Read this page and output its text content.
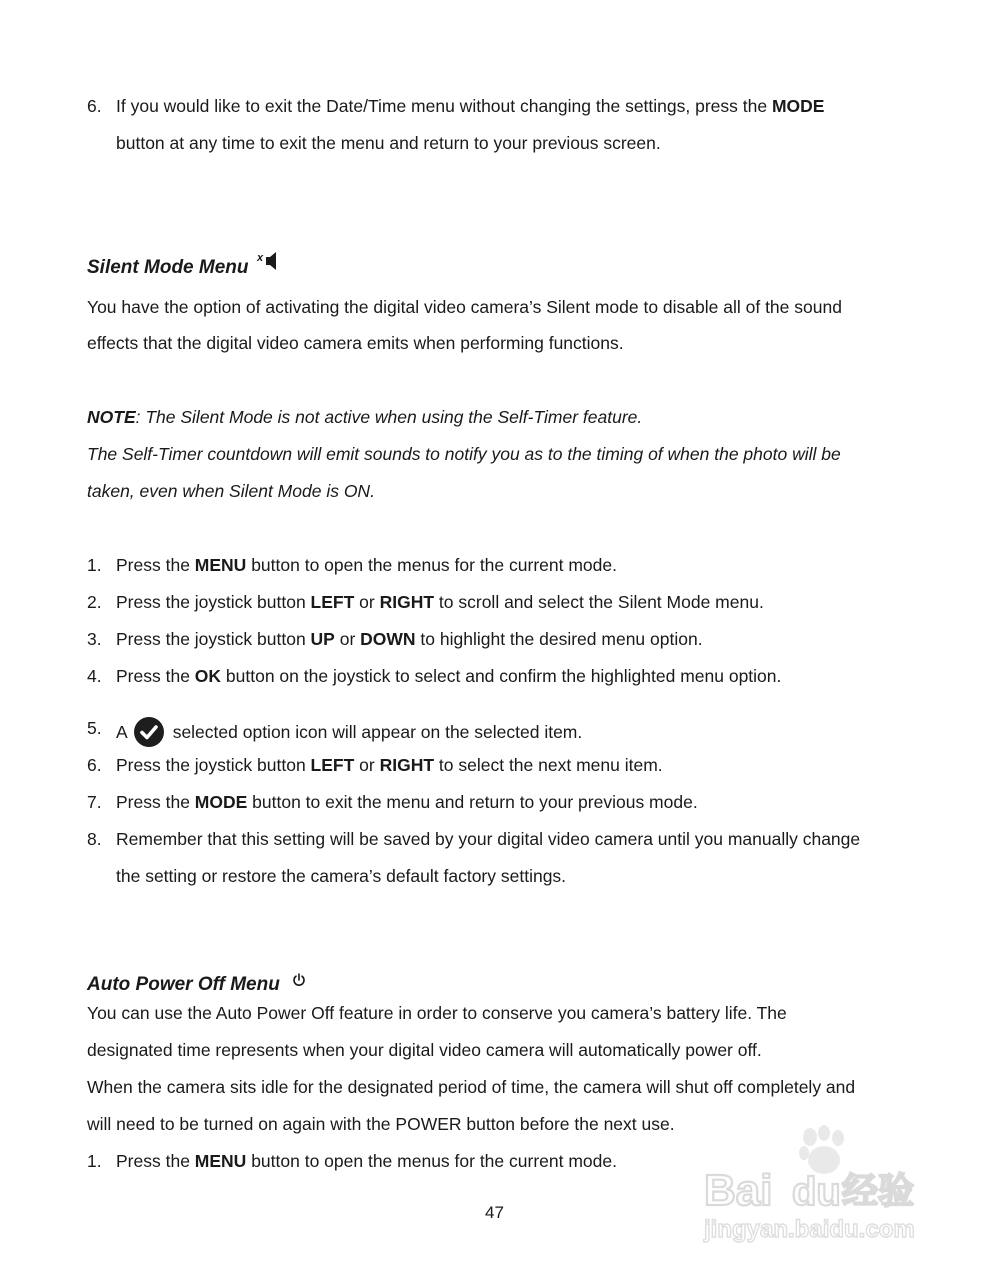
6. If you would like to exit the Date/Time menu without changing the settings, press the MODE
button at any time to exit the menu and return to your previous screen.
Silent Mode Menu x
You have the option of activating the digital video camera’s Silent mode to disable all of the sound
effects that the digital video camera emits when performing functions.
NOTE: The Silent Mode is not active when using the Self-Timer feature.
The Self-Timer countdown will emit sounds to notify you as to the timing of when the photo will be
taken, even when Silent Mode is ON.
1. Press the MENU button to open the menus for the current mode.
2. Press the joystick button LEFT or RIGHT to scroll and select the Silent Mode menu.
3. Press the joystick button UP or DOWN to highlight the desired menu option.
4. Press the OK button on the joystick to select and confirm the highlighted menu option.
5. A	selected option icon will appear on the selected item.
6. Press the joystick button LEFT or RIGHT to select the next menu item.
7. Press the MODE button to exit the menu and return to your previous mode.
8. Remember that this setting will be saved by your digital video camera until you manually change
the setting or restore the camera’s default factory settings.
Auto Power Off Menu
You can use the Auto Power Off feature in order to conserve you camera’s battery life. The
designated time represents when your digital video camera will automatically power off.
When the camera sits idle for the designated period of time, the camera will shut off completely and
will need to be turned on again with the POWER button before the next use.
1. Press the MENU button to open the menus for the current mode.
47	Bai du 经验
jingyan.baidu.com
